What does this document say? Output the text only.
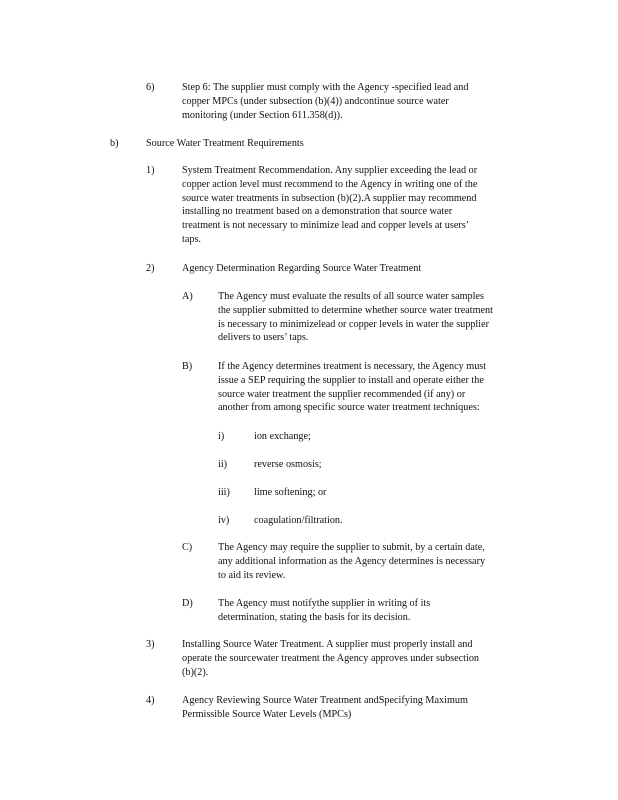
6)	Step 6: The supplier must comply with the Agency -specified lead and
copper MPCs (under subsection (b)(4)) andcontinue source water
monitoring (under Section 611.358(d)).
b)	Source Water Treatment Requirements
1)	System Treatment Recommendation. Any supplier exceeding the lead or
copper action level must recommend to the Agency in writing one of the
source water treatments in subsection (b)(2).A supplier may recommend
installing no treatment based on a demonstration that source water
treatment is not necessary to minimize lead and copper levels at users’
taps.
2)	Agency Determination Regarding Source Water Treatment
A) The Agency must evaluate the results of all source water samples
the supplier submitted to determine whether source water treatment
is necessary to minimizelead or copper levels in water the supplier
delivers to users’ taps.
B)	If the Agency determines treatment is necessary, the Agency must
issue a SEP requiring the supplier to install and operate either the
source water treatment the supplier recommended (if any) or
another from among specific source water treatment techniques:
i)	ion exchange;
ii)	reverse osmosis;
iii) lime softening; or
iv) coagulation/filtration.
C)	The Agency may require the supplier to submit, by a certain date,
any additional information as the Agency determines is necessary
to aid its review.
D) The Agency must notifythe supplier in writing of its
determination, stating the basis for its decision.
3)	Installing Source Water Treatment. A supplier must properly install and
operate the sourcewater treatment the Agency approves under subsection
(b)(2).
4)	Agency Reviewing Source Water Treatment andSpecifying Maximum
Permissible Source Water Levels (MPCs)
